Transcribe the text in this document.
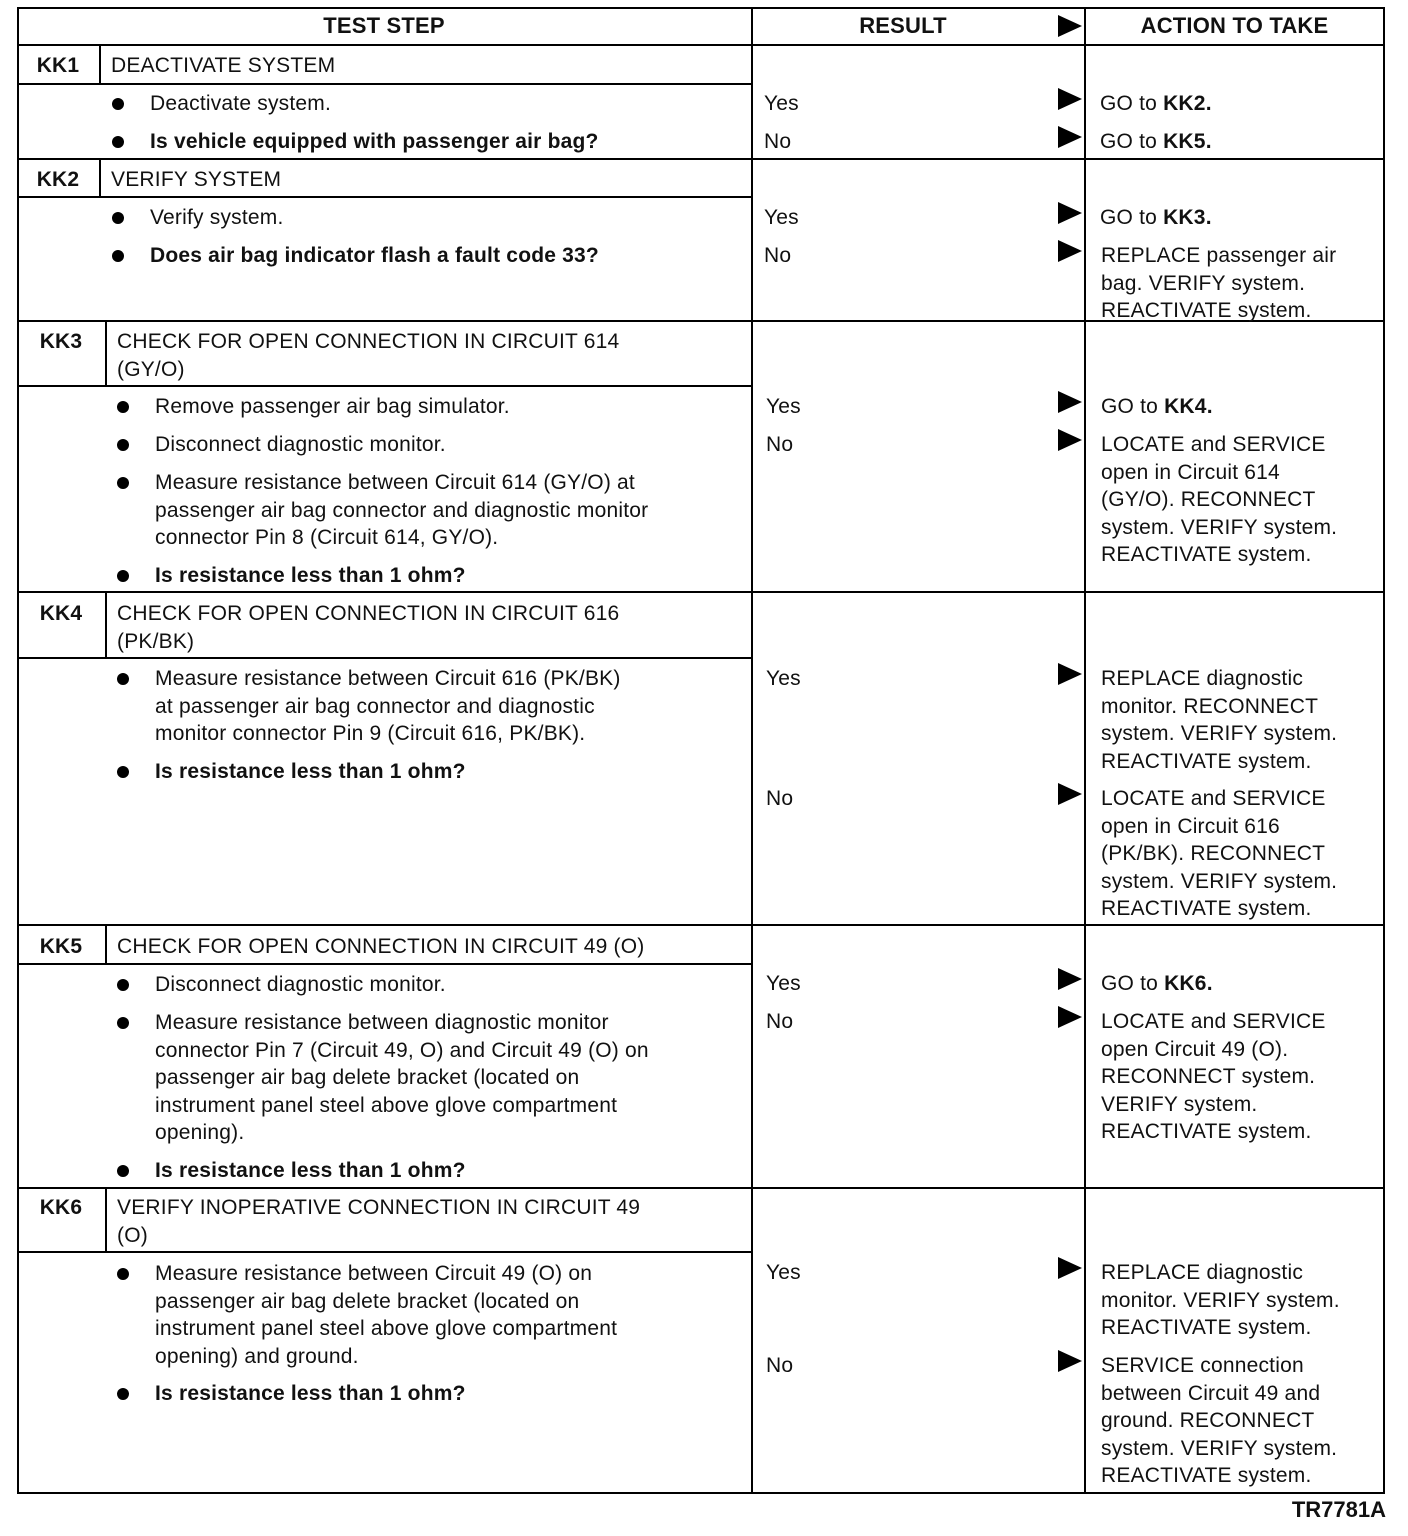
TEST STEP	RESULT	ACTION TO TAKE
KK1	DEACTIVATE SYSTEM
Deactivate system.
Is vehicle equipped with passenger air bag?
Yes	GO to KK2.
No	GO to KK5.
KK2	VERIFY SYSTEM
Verify system.
Does air bag indicator flash a fault code 33?
Yes	GO to KK3.
No	REPLACE passenger air
bag. VERIFY system.
REACTIVATE system.
KK3	CHECK FOR OPEN CONNECTION IN CIRCUIT 614
(GY/O)
Remove passenger air bag simulator.
Disconnect diagnostic monitor.
Measure resistance between Circuit 614 (GY/O) at
passenger air bag connector and diagnostic monitor
connector Pin 8 (Circuit 614, GY/O).
Is resistance less than 1 ohm?
Yes	GO to KK4.
No	LOCATE and SERVICE
open in Circuit 614
(GY/O). RECONNECT
system. VERIFY system.
REACTIVATE system.
KK4	CHECK FOR OPEN CONNECTION IN CIRCUIT 616
(PK/BK)
Measure resistance between Circuit 616 (PK/BK)
at passenger air bag connector and diagnostic
monitor connector Pin 9 (Circuit 616, PK/BK).
Is resistance less than 1 ohm?
Yes	REPLACE diagnostic
monitor. RECONNECT
system. VERIFY system.
REACTIVATE system.
No	LOCATE and SERVICE
open in Circuit 616
(PK/BK). RECONNECT
system. VERIFY system.
REACTIVATE system.
KK5	CHECK FOR OPEN CONNECTION IN CIRCUIT 49 (O)
Disconnect diagnostic monitor.
Measure resistance between diagnostic monitor
connector Pin 7 (Circuit 49, O) and Circuit 49 (O) on
passenger air bag delete bracket (located on
instrument panel steel above glove compartment
opening).
Is resistance less than 1 ohm?
Yes	GO to KK6.
No	LOCATE and SERVICE
open Circuit 49 (O).
RECONNECT system.
VERIFY system.
REACTIVATE system.
KK6	VERIFY INOPERATIVE CONNECTION IN CIRCUIT 49
(O)
Measure resistance between Circuit 49 (O) on
passenger air bag delete bracket (located on
instrument panel steel above glove compartment
opening) and ground.
Is resistance less than 1 ohm?
Yes	REPLACE diagnostic
monitor. VERIFY system.
REACTIVATE system.
No	SERVICE connection
between Circuit 49 and
ground. RECONNECT
system. VERIFY system.
REACTIVATE system.
TR7781A
